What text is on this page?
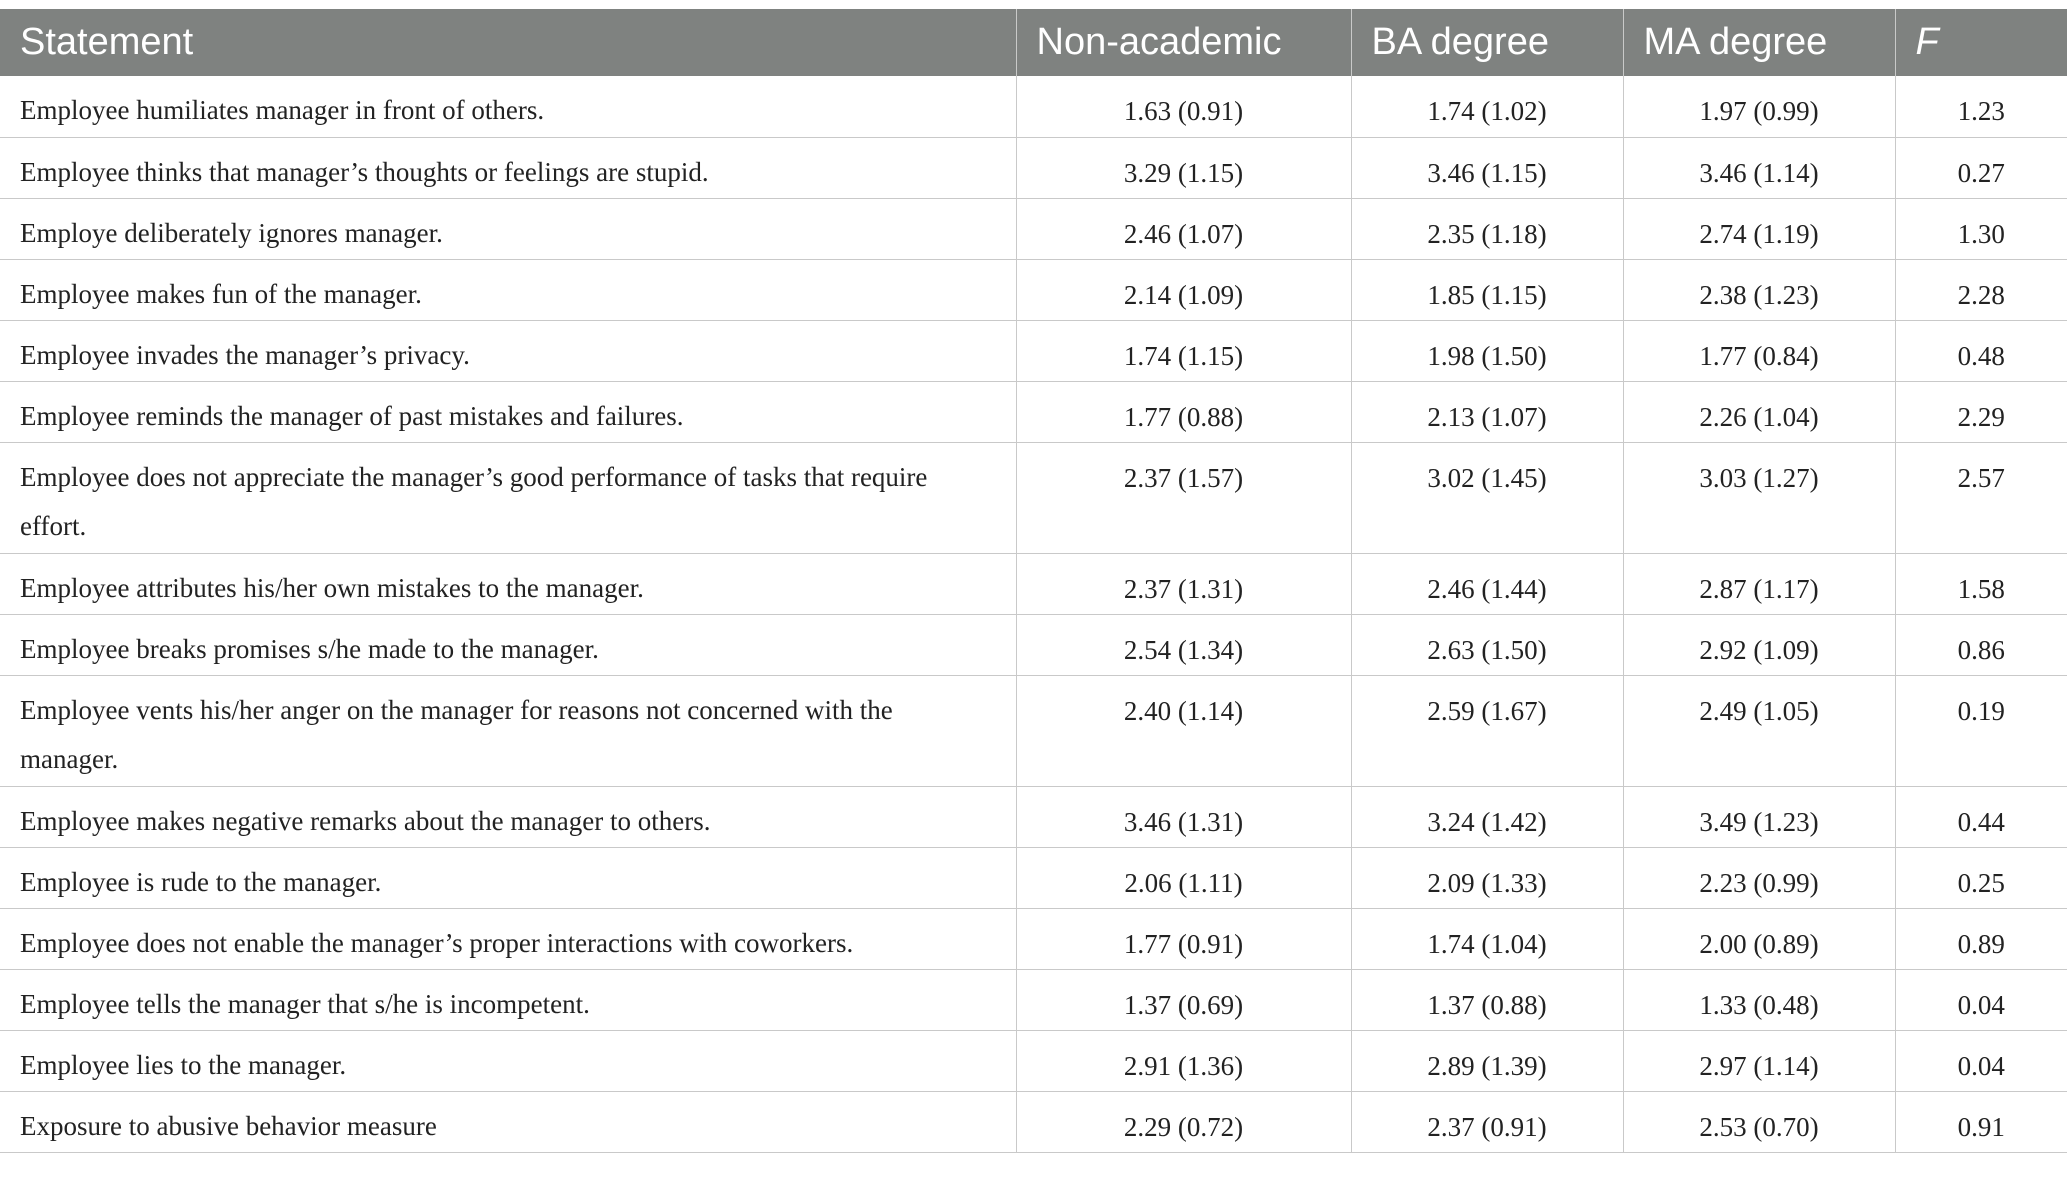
Statement	Non-academic	BA degree	MA degree	F
Employee humiliates manager in front of others.	1.63 (0.91)	1.74 (1.02)	1.97 (0.99)	1.23
Employee thinks that manager’s thoughts or feelings are stupid.	3.29 (1.15)	3.46 (1.15)	3.46 (1.14)	0.27
Employe deliberately ignores manager.	2.46 (1.07)	2.35 (1.18)	2.74 (1.19)	1.30
Employee makes fun of the manager.	2.14 (1.09)	1.85 (1.15)	2.38 (1.23)	2.28
Employee invades the manager’s privacy.	1.74 (1.15)	1.98 (1.50)	1.77 (0.84)	0.48
Employee reminds the manager of past mistakes and failures.	1.77 (0.88)	2.13 (1.07)	2.26 (1.04)	2.29
Employee does not appreciate the manager’s good performance of tasks that require effort.	2.37 (1.57)	3.02 (1.45)	3.03 (1.27)	2.57
Employee attributes his/her own mistakes to the manager.	2.37 (1.31)	2.46 (1.44)	2.87 (1.17)	1.58
Employee breaks promises s/he made to the manager.	2.54 (1.34)	2.63 (1.50)	2.92 (1.09)	0.86
Employee vents his/her anger on the manager for reasons not concerned with the manager.	2.40 (1.14)	2.59 (1.67)	2.49 (1.05)	0.19
Employee makes negative remarks about the manager to others.	3.46 (1.31)	3.24 (1.42)	3.49 (1.23)	0.44
Employee is rude to the manager.	2.06 (1.11)	2.09 (1.33)	2.23 (0.99)	0.25
Employee does not enable the manager’s proper interactions with coworkers.	1.77 (0.91)	1.74 (1.04)	2.00 (0.89)	0.89
Employee tells the manager that s/he is incompetent.	1.37 (0.69)	1.37 (0.88)	1.33 (0.48)	0.04
Employee lies to the manager.	2.91 (1.36)	2.89 (1.39)	2.97 (1.14)	0.04
Exposure to abusive behavior measure	2.29 (0.72)	2.37 (0.91)	2.53 (0.70)	0.91
